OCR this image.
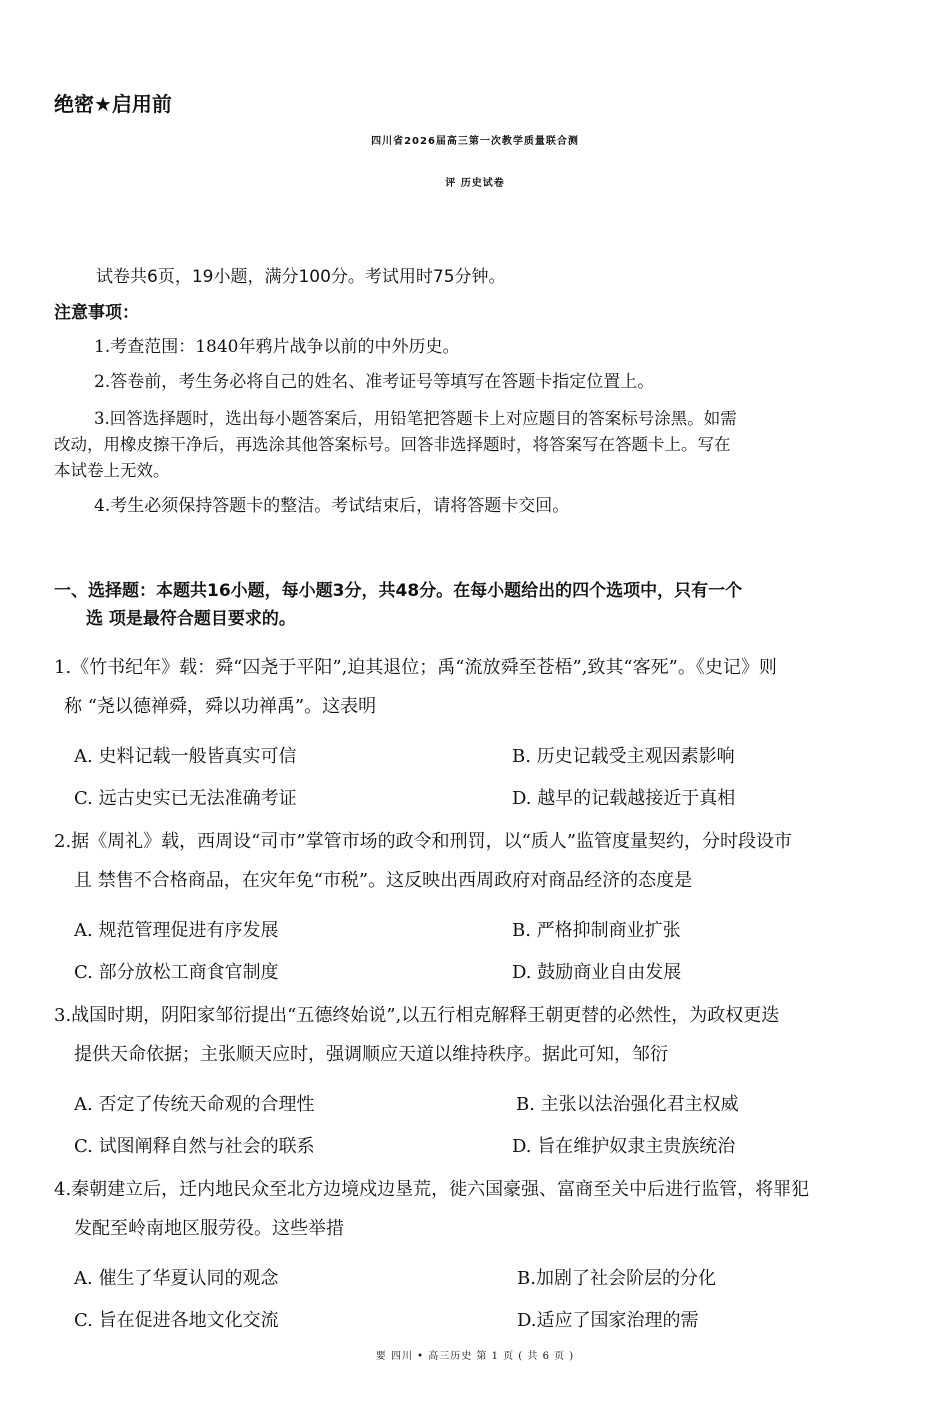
绝密★启用前
四川省2026届高三第一次教学质量联合测
评 历史试卷
试卷共6页，19小题，满分100分。考试用时75分钟。
注意事项：
1.考查范围：1840年鸦片战争以前的中外历史。
2.答卷前，考生务必将自己的姓名、准考证号等填写在答题卡指定位置上。
3.回答选择题时，选出每小题答案后，用铅笔把答题卡上对应题目的答案标号涂黑。如需
改动，用橡皮擦干净后，再选涂其他答案标号。回答非选择题时，将答案写在答题卡上。写在
本试卷上无效。
4.考生必须保持答题卡的整洁。考试结束后，请将答题卡交回。
一、选择题：本题共16小题，每小题3分，共48分。在每小题给出的四个选项中，只有一个
选 项是最符合题目要求的。
1.《竹书纪年》载：舜“囚尧于平阳”,迫其退位；禹“流放舜至苍梧”,致其“客死”。《史记》则
称 “尧以德禅舜，舜以功禅禹”。这表明
A. 史料记载一般皆真实可信	B. 历史记载受主观因素影响
C. 远古史实已无法准确考证	D. 越早的记载越接近于真相
2.据《周礼》载，西周设“司市”掌管市场的政令和刑罚，以“质人”监管度量契约，分时段设市
且 禁售不合格商品，在灾年免“市税”。这反映出西周政府对商品经济的态度是
A. 规范管理促进有序发展	B. 严格抑制商业扩张
C. 部分放松工商食官制度	D. 鼓励商业自由发展
3.战国时期，阴阳家邹衍提出“五德终始说”,以五行相克解释王朝更替的必然性，为政权更迭
提供天命依据；主张顺天应时，强调顺应天道以维持秩序。据此可知，邹衍
A. 否定了传统天命观的合理性	B. 主张以法治强化君主权威
C. 试图阐释自然与社会的联系	D. 旨在维护奴隶主贵族统治
4.秦朝建立后，迁内地民众至北方边境戍边垦荒，徙六国豪强、富商至关中后进行监管，将罪犯
发配至岭南地区服劳役。这些举措
A. 催生了华夏认同的观念	B.加剧了社会阶层的分化
C. 旨在促进各地文化交流	D.适应了国家治理的需
要 四川 • 高三历史 第 1 页 ( 共 6 页 )
